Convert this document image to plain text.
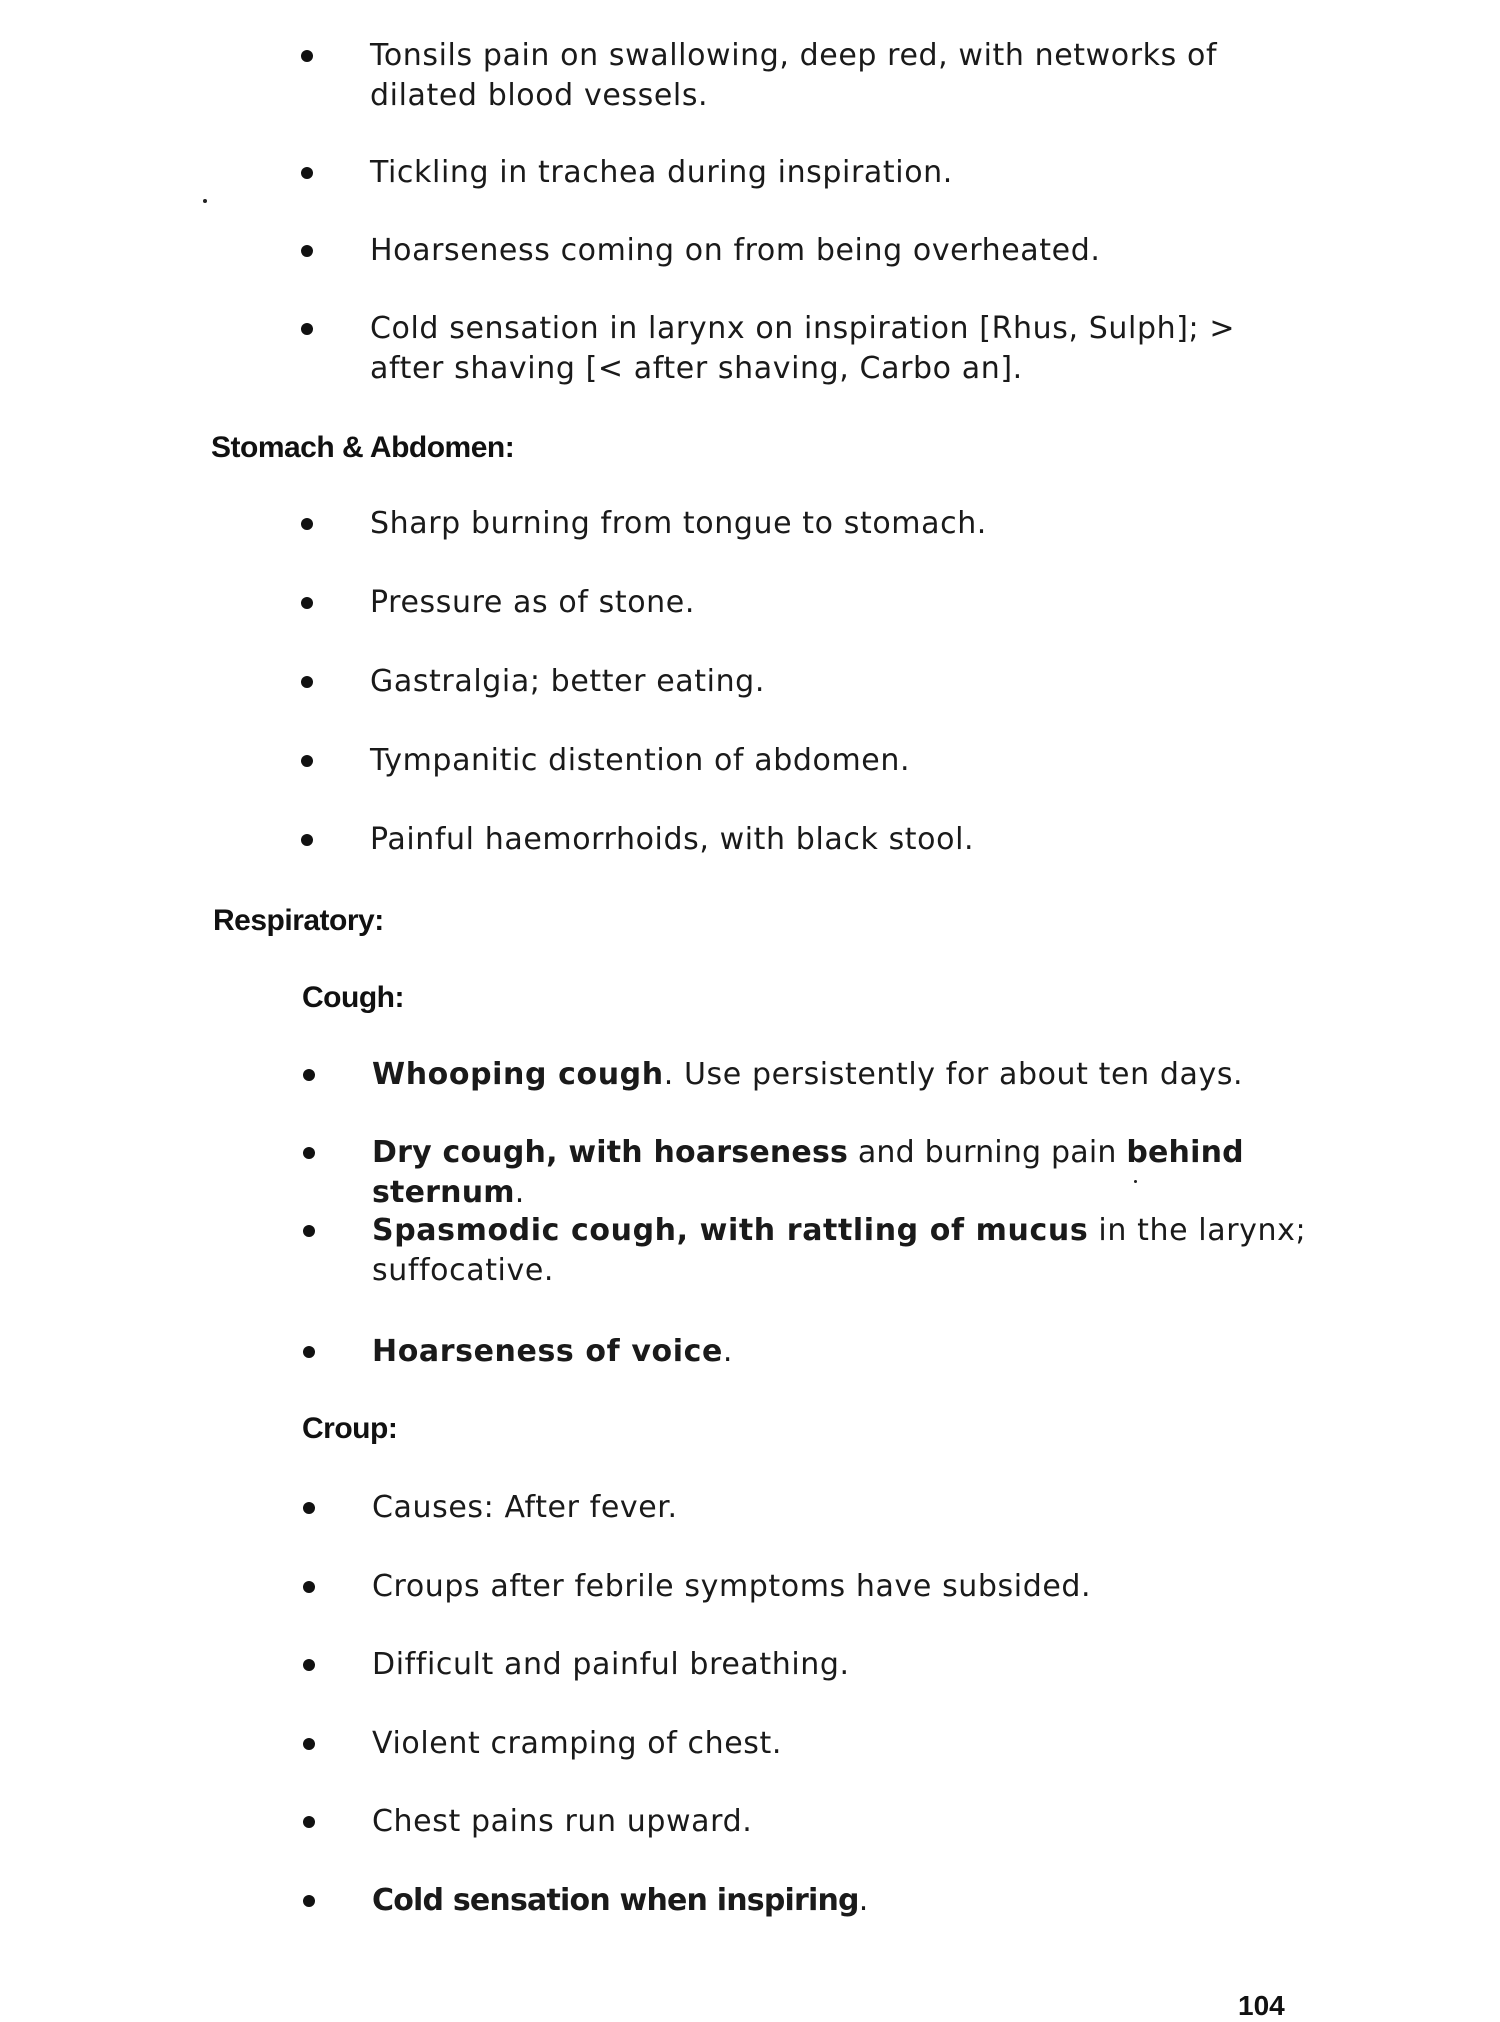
Tonsils pain on swallowing, deep red, with networks of
dilated blood vessels.
Tickling in trachea during inspiration.
Hoarseness coming on from being overheated.
Cold sensation in larynx on inspiration [Rhus, Sulph]; >
after shaving [< after shaving, Carbo an].
Stomach & Abdomen:
Sharp burning from tongue to stomach.
Pressure as of stone.
Gastralgia; better eating.
Tympanitic distention of abdomen.
Painful haemorrhoids, with black stool.
Respiratory:
Cough:
Whooping cough. Use persistently for about ten days.
Dry cough, with hoarseness and burning pain behind sternum.
Spasmodic cough, with rattling of mucus in the larynx;
suffocative.
Hoarseness of voice.
Croup:
Causes: After fever.
Croups after febrile symptoms have subsided.
Difficult and painful breathing.
Violent cramping of chest.
Chest pains run upward.
Cold sensation when inspiring.
104
